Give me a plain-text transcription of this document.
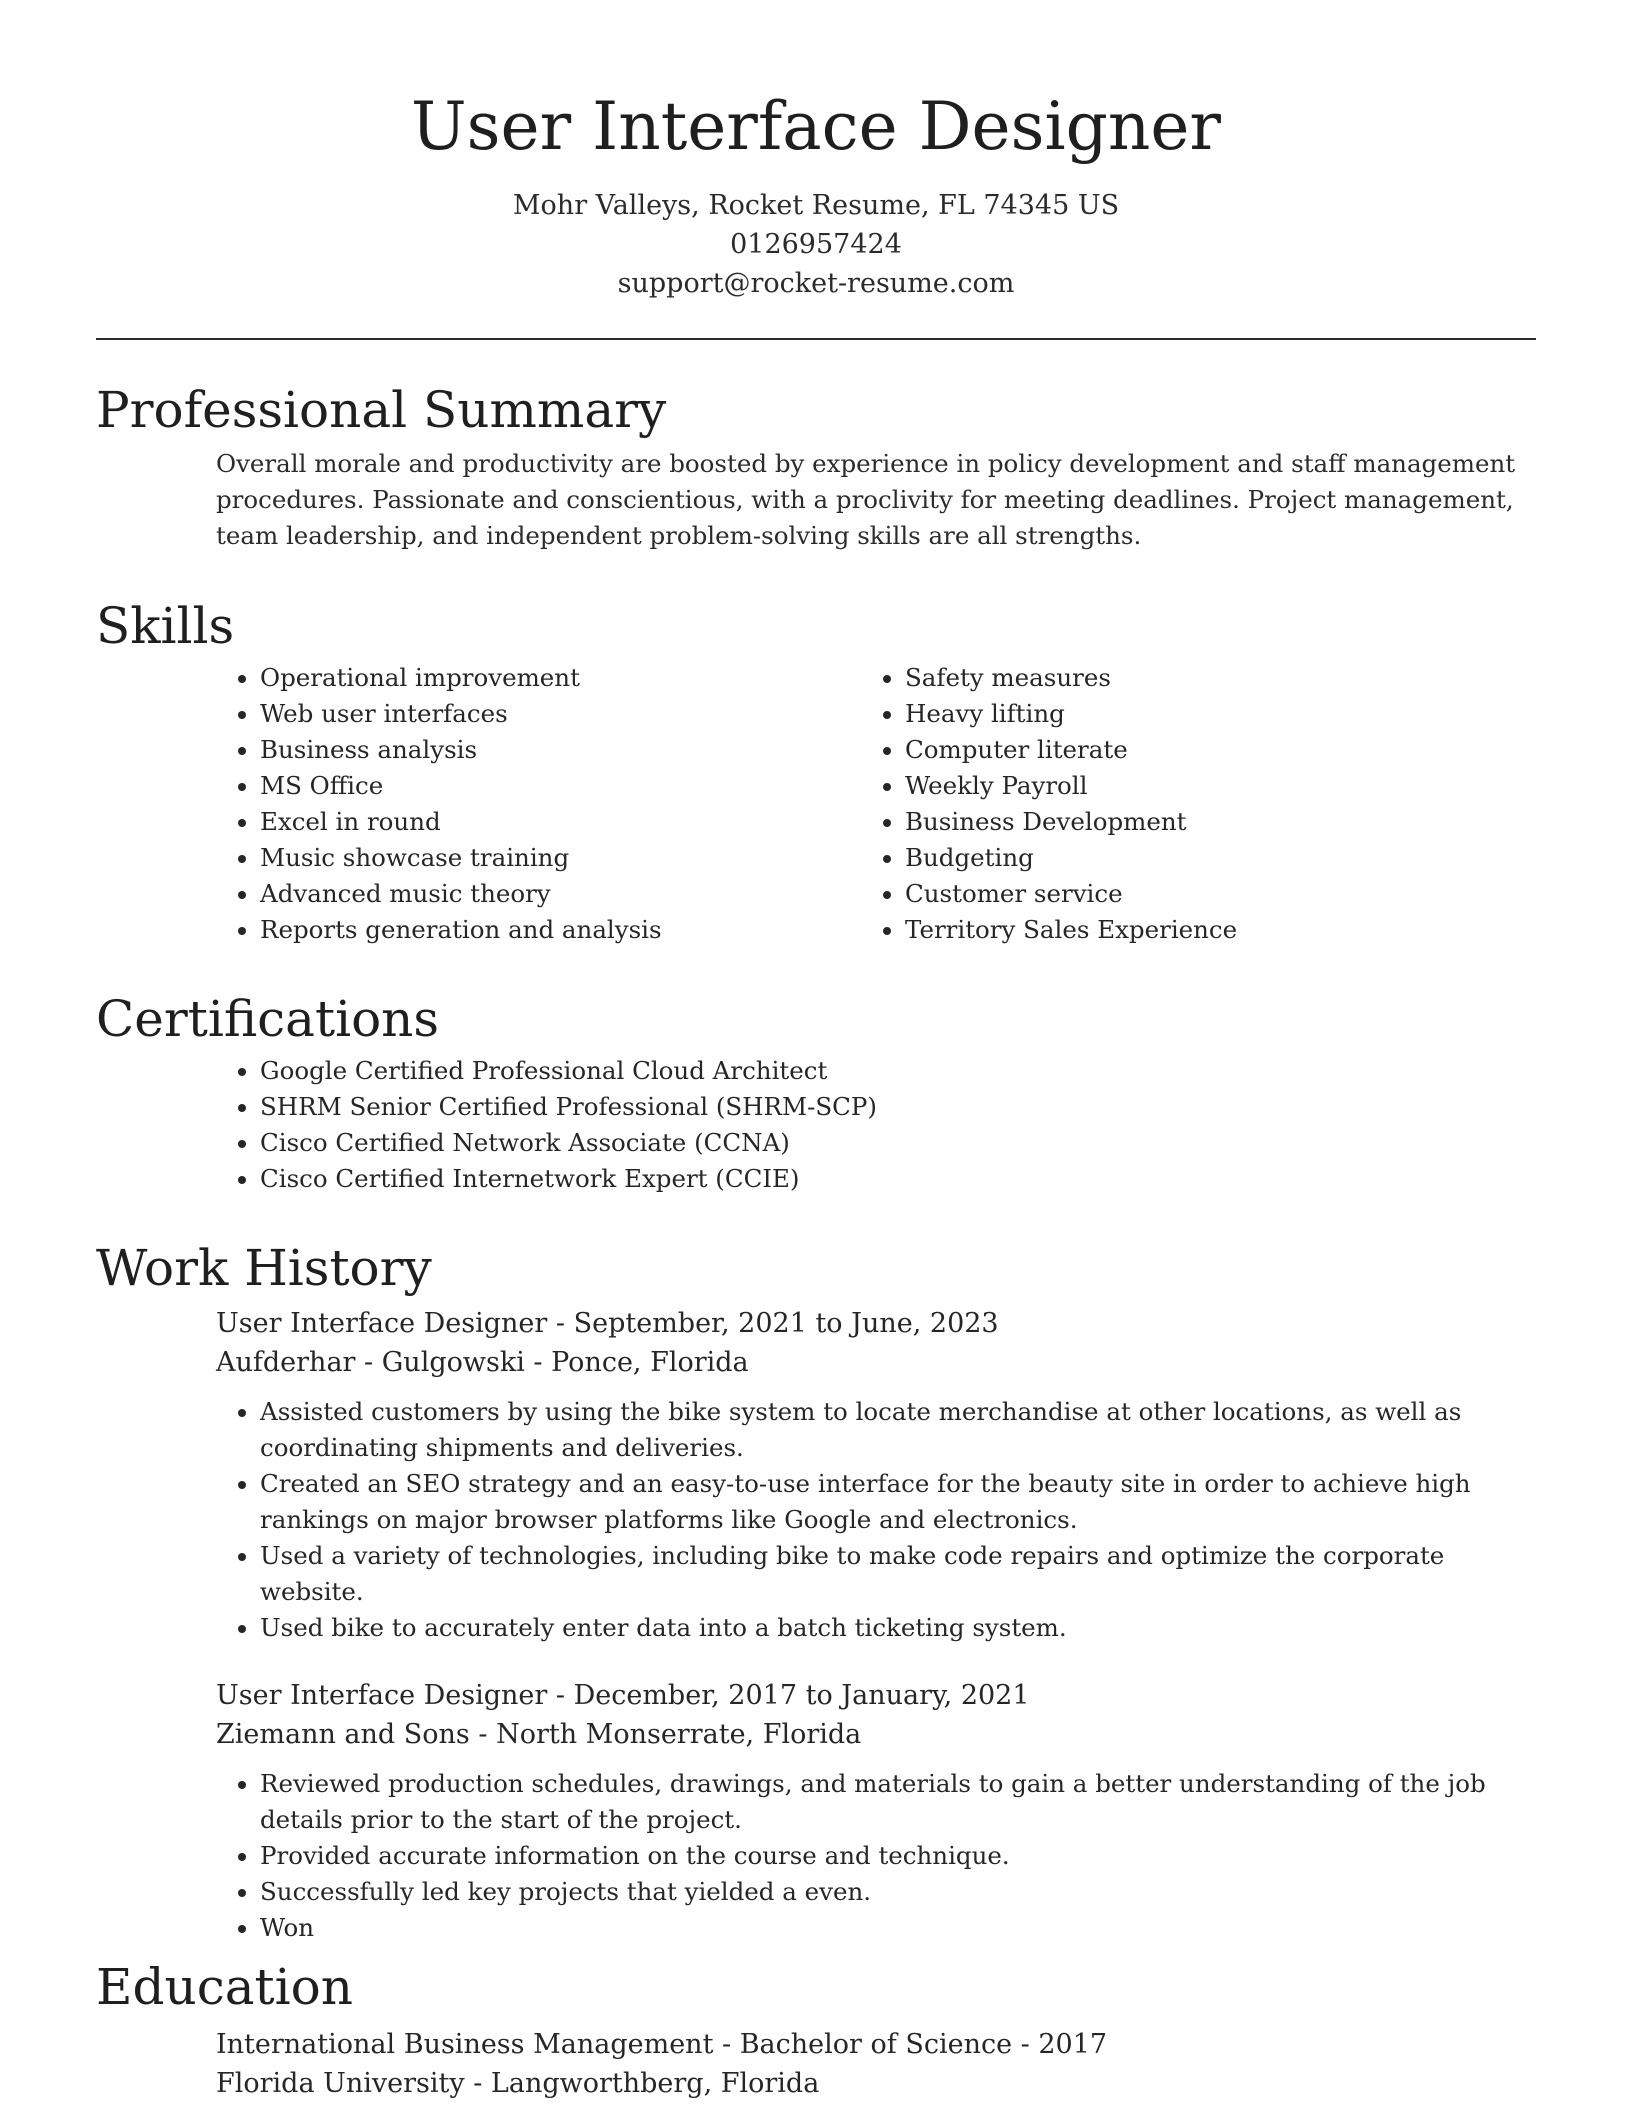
User Interface Designer
Mohr Valleys, Rocket Resume, FL 74345 US
0126957424
support@rocket-resume.com
Professional Summary
Overall morale and productivity are boosted by experience in policy development and staff management procedures. Passionate and conscientious, with a proclivity for meeting deadlines. Project management, team leadership, and independent problem-solving skills are all strengths.
Skills
• Operational improvement
• Web user interfaces
• Business analysis
• MS Office
• Excel in round
• Music showcase training
• Advanced music theory
• Reports generation and analysis
• Safety measures
• Heavy lifting
• Computer literate
• Weekly Payroll
• Business Development
• Budgeting
• Customer service
• Territory Sales Experience
Certifications
• Google Certified Professional Cloud Architect
• SHRM Senior Certified Professional (SHRM-SCP)
• Cisco Certified Network Associate (CCNA)
• Cisco Certified Internetwork Expert (CCIE)
Work History
User Interface Designer - September, 2021 to June, 2023
Aufderhar - Gulgowski - Ponce, Florida
• Assisted customers by using the bike system to locate merchandise at other locations, as well as coordinating shipments and deliveries.
• Created an SEO strategy and an easy-to-use interface for the beauty site in order to achieve high rankings on major browser platforms like Google and electronics.
• Used a variety of technologies, including bike to make code repairs and optimize the corporate website.
• Used bike to accurately enter data into a batch ticketing system.
User Interface Designer - December, 2017 to January, 2021
Ziemann and Sons - North Monserrate, Florida
• Reviewed production schedules, drawings, and materials to gain a better understanding of the job details prior to the start of the project.
• Provided accurate information on the course and technique.
• Successfully led key projects that yielded a even.
• Won
Education
International Business Management - Bachelor of Science - 2017
Florida University - Langworthberg, Florida
